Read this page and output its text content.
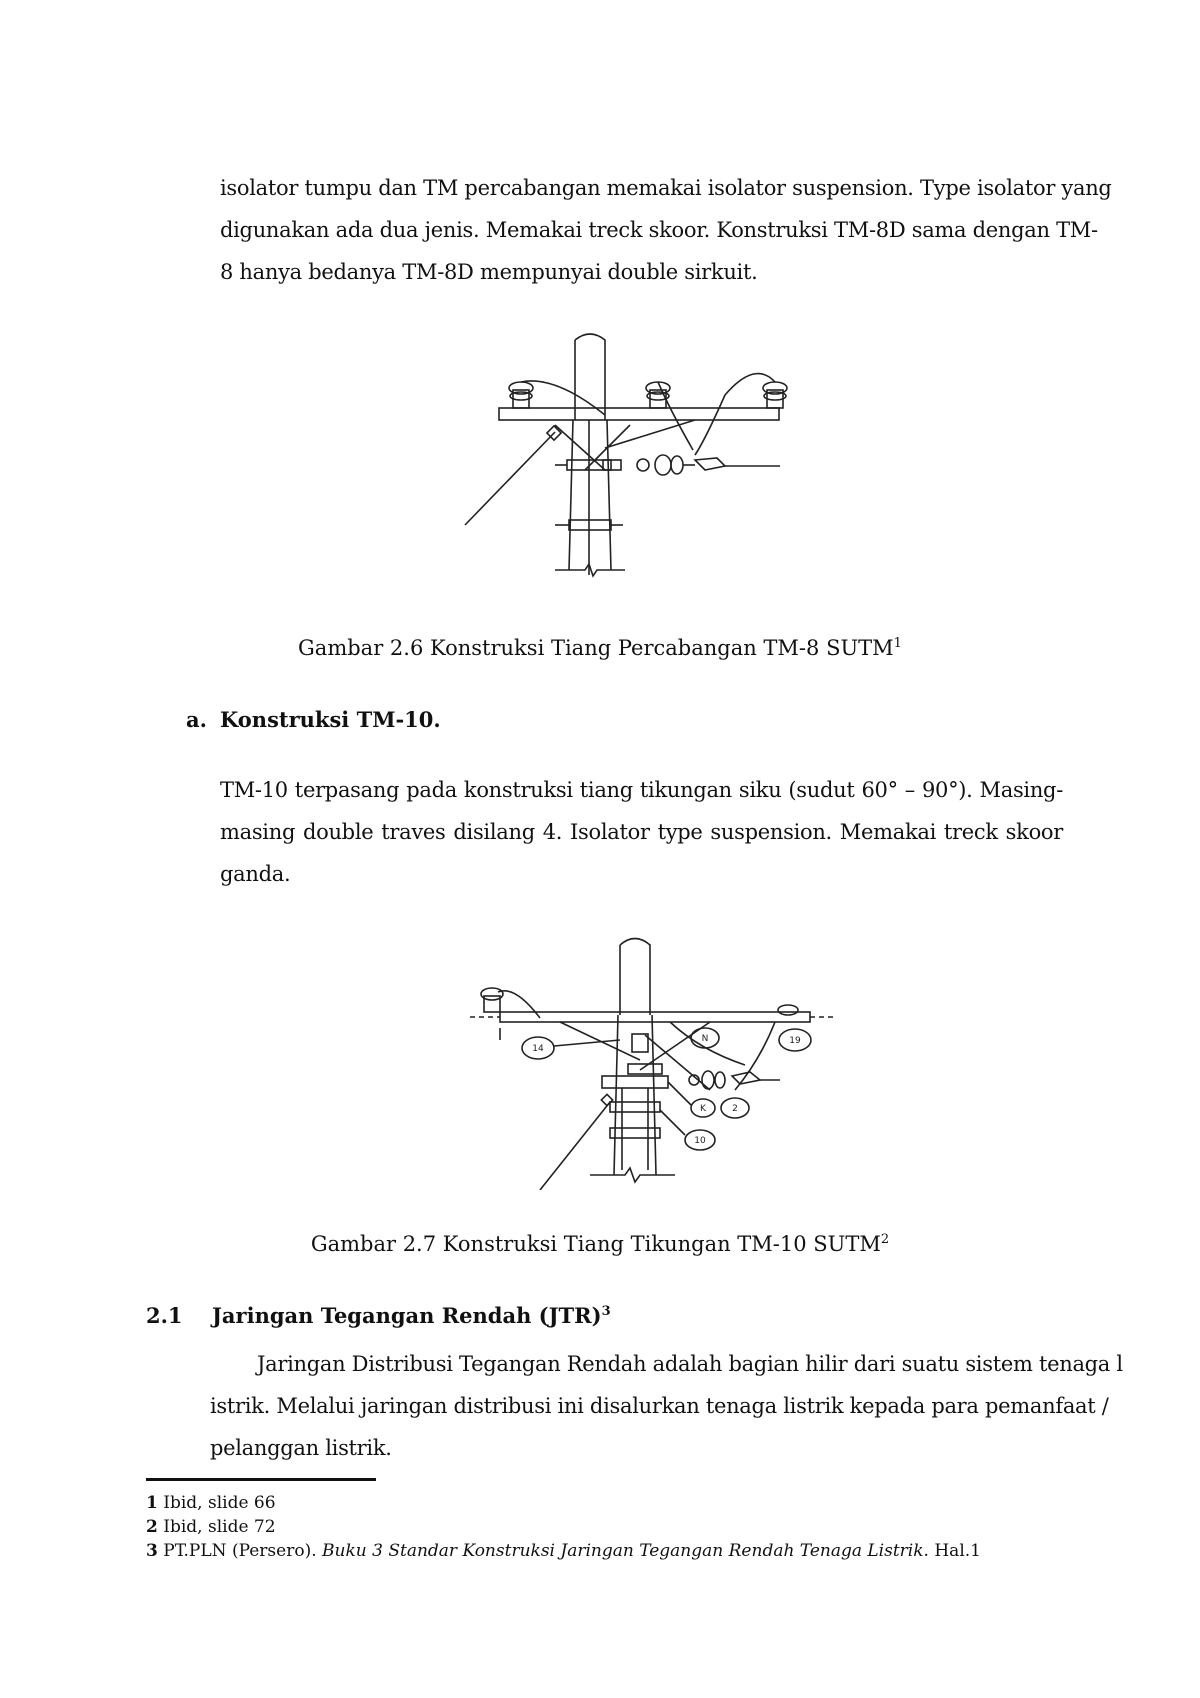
isolator tumpu dan TM percabangan memakai isolator suspension. Type isolator yang
digunakan ada dua jenis. Memakai treck skoor. Konstruksi TM-8D sama dengan TM-
8 hanya bedanya TM-8D mempunyai double sirkuit.
Gambar 2.6 Konstruksi Tiang Percabangan TM-8 SUTM$^1$
a. Konstruksi TM-10.
TM-10 terpasang pada konstruksi tiang tikungan siku (sudut 60° – 90°). Masing-
masing double traves disilang 4. Isolator type suspension. Memakai treck skoor
ganda.
14
N	19
K	2
10
Gambar 2.7 Konstruksi Tiang Tikungan TM-10 SUTM$^2$
2.1 Jaringan Tegangan Rendah (JTR)$^3$
Jaringan Distribusi Tegangan Rendah adalah bagian hilir dari suatu sistem tenaga l
istrik. Melalui jaringan distribusi ini disalurkan tenaga listrik kepada para pemanfaat /
pelanggan listrik.
1 Ibid, slide 66
2 Ibid, slide 72
3 PT.PLN (Persero). Buku 3 Standar Konstruksi Jaringan Tegangan Rendah Tenaga Listrik. Hal.1
